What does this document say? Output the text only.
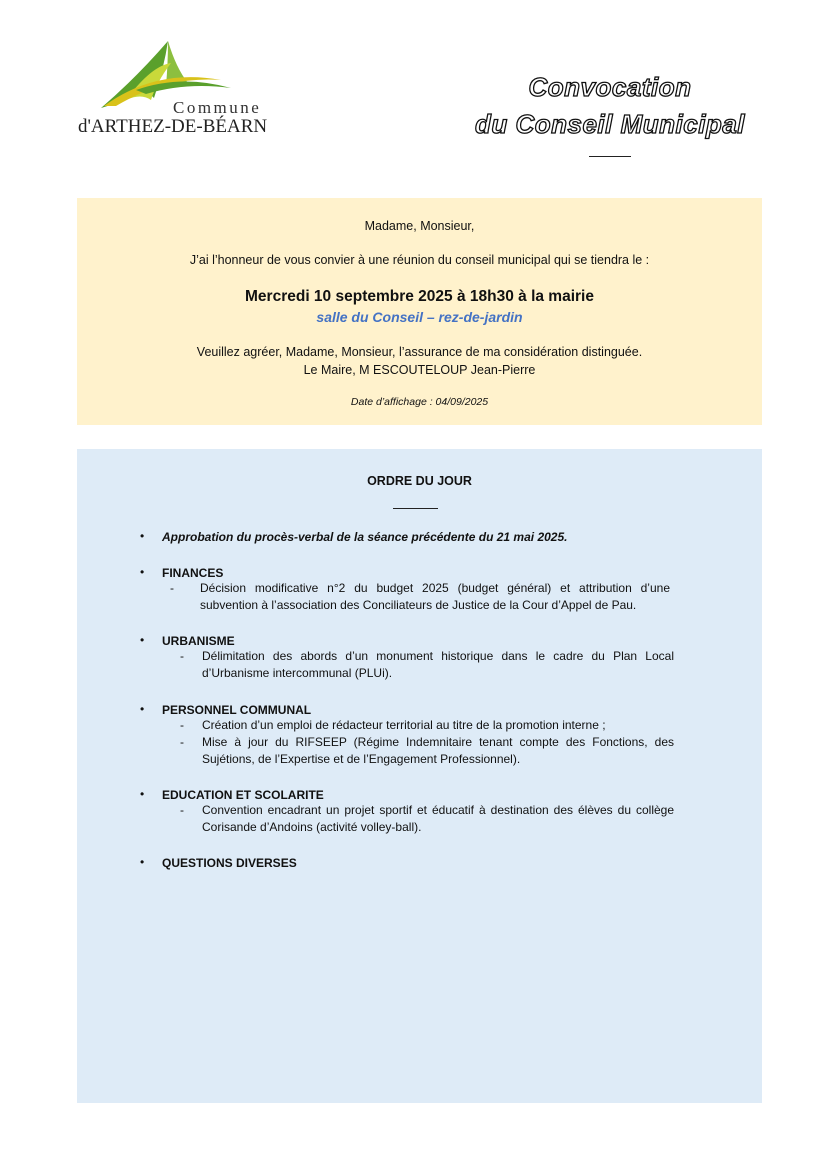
Commune
d'ARTHEZ-DE-BÉARN
Convocation
du Conseil Municipal
Madame, Monsieur,
J’ai l’honneur de vous convier à une réunion du conseil municipal qui se tiendra le :
Mercredi 10 septembre 2025 à 18h30 à la mairie
salle du Conseil – rez-de-jardin
Veuillez agréer, Madame, Monsieur, l’assurance de ma considération distinguée.
Le Maire, M ESCOUTELOUP Jean-Pierre
Date d’affichage : 04/09/2025
ORDRE DU JOUR
• Approbation du procès-verbal de la séance précédente du 21 mai 2025.
• FINANCES
- Décision modificative n°2 du budget 2025 (budget général) et attribution d’une subvention à l’association des Conciliateurs de Justice de la Cour d’Appel de Pau.
• URBANISME
- Délimitation des abords d’un monument historique dans le cadre du Plan Local d’Urbanisme intercommunal (PLUi).
• PERSONNEL COMMUNAL
- Création d’un emploi de rédacteur territorial au titre de la promotion interne ;
- Mise à jour du RIFSEEP (Régime Indemnitaire tenant compte des Fonctions, des Sujétions, de l’Expertise et de l’Engagement Professionnel).
• EDUCATION ET SCOLARITE
- Convention encadrant un projet sportif et éducatif à destination des élèves du collège Corisande d’Andoins (activité volley-ball).
• QUESTIONS DIVERSES
